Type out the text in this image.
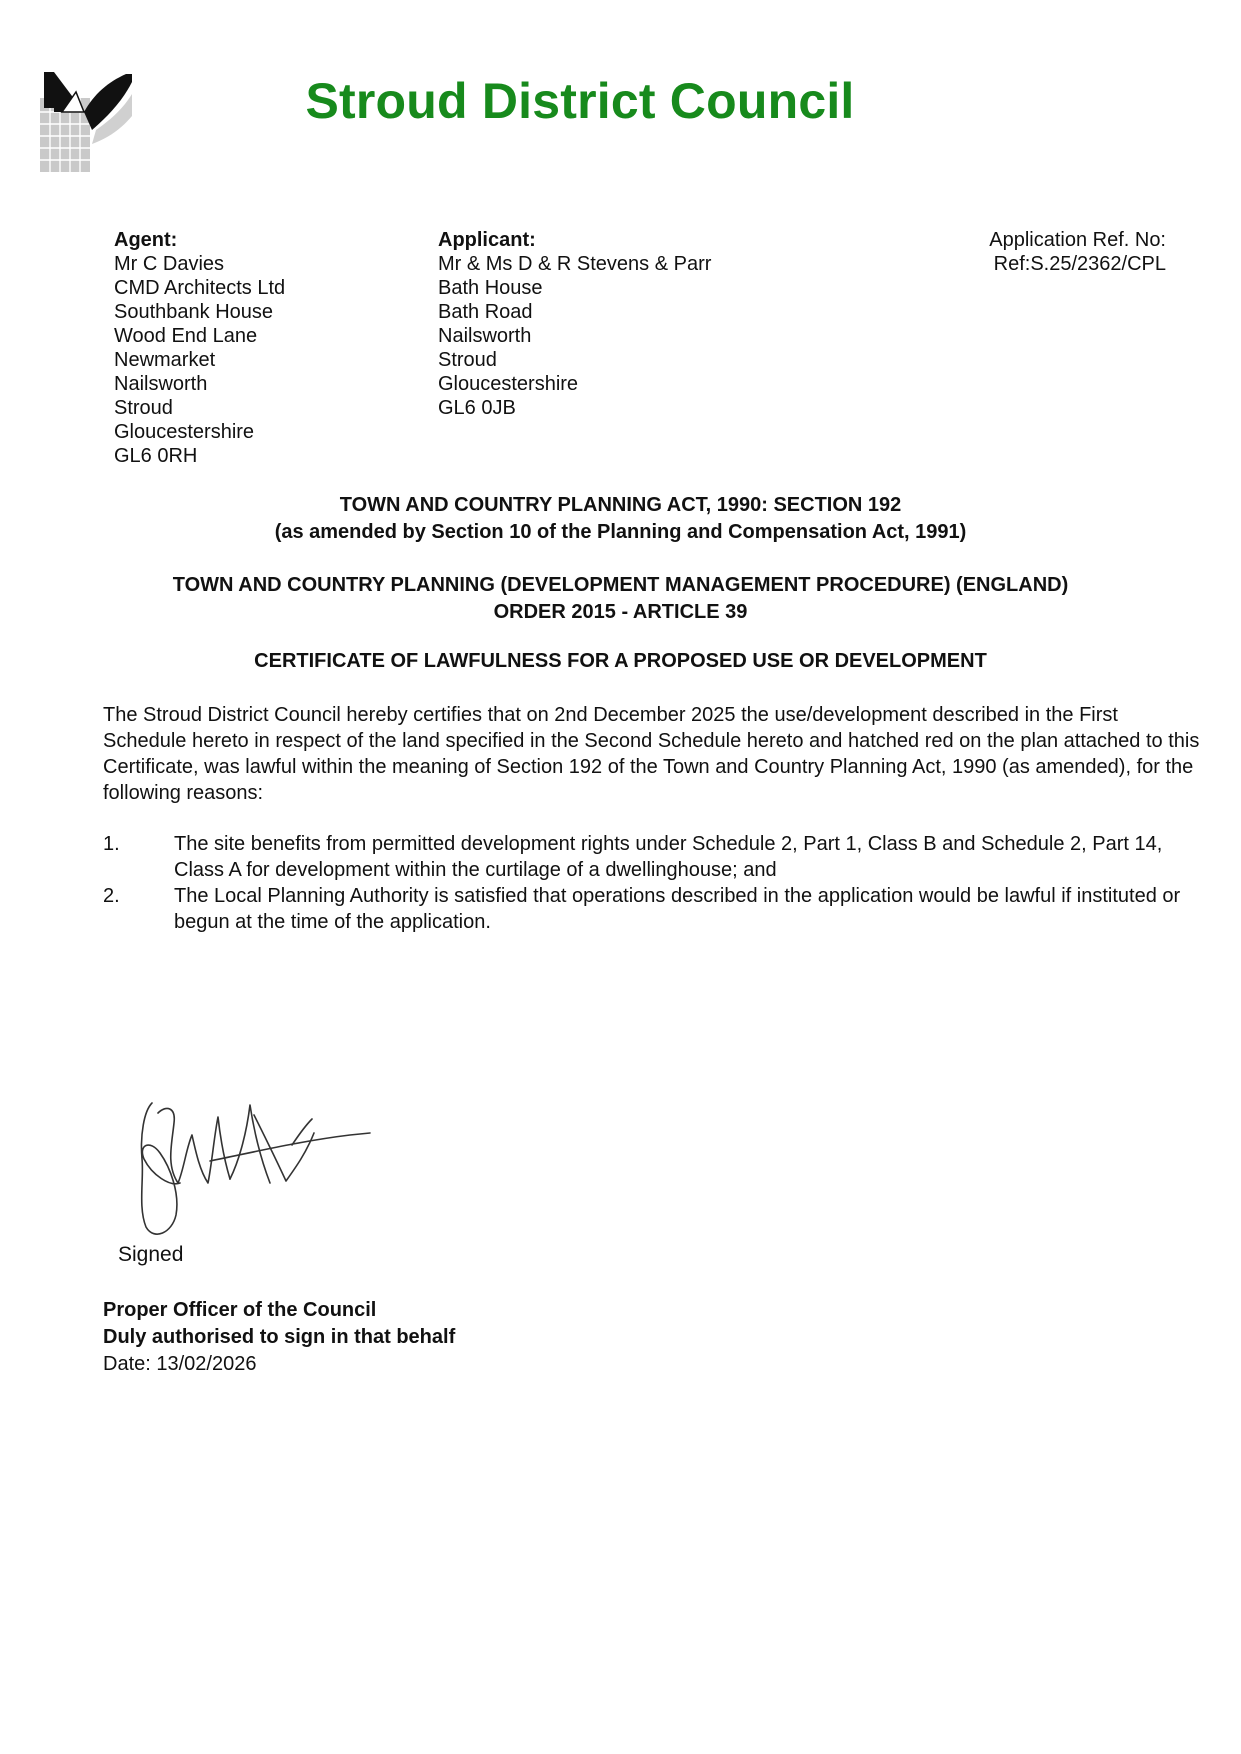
Stroud District Council
Agent:
Mr C Davies
CMD Architects Ltd
Southbank House
Wood End Lane
Newmarket
Nailsworth
Stroud
Gloucestershire
GL6 0RH
Applicant:
Mr & Ms D & R Stevens & Parr
Bath House
Bath Road
Nailsworth
Stroud
Gloucestershire
GL6 0JB
Application Ref. No:
Ref:S.25/2362/CPL
TOWN AND COUNTRY PLANNING ACT, 1990: SECTION 192
(as amended by Section 10 of the Planning and Compensation Act, 1991)
TOWN AND COUNTRY PLANNING (DEVELOPMENT MANAGEMENT PROCEDURE) (ENGLAND)
ORDER 2015 - ARTICLE 39
CERTIFICATE OF LAWFULNESS FOR A PROPOSED USE OR DEVELOPMENT
The Stroud District Council hereby certifies that on 2nd December 2025 the use/development described in the First Schedule hereto in respect of the land specified in the Second Schedule hereto and hatched red on the plan attached to this Certificate, was lawful within the meaning of Section 192 of the Town and Country Planning Act, 1990 (as amended), for the following reasons:
1.	The site benefits from permitted development rights under Schedule 2, Part 1, Class B and Schedule 2, Part 14, Class A for development within the curtilage of a dwellinghouse; and
2.	The Local Planning Authority is satisfied that operations described in the application would be lawful if instituted or begun at the time of the application.
Signed
Proper Officer of the Council
Duly authorised to sign in that behalf
Date: 13/02/2026
